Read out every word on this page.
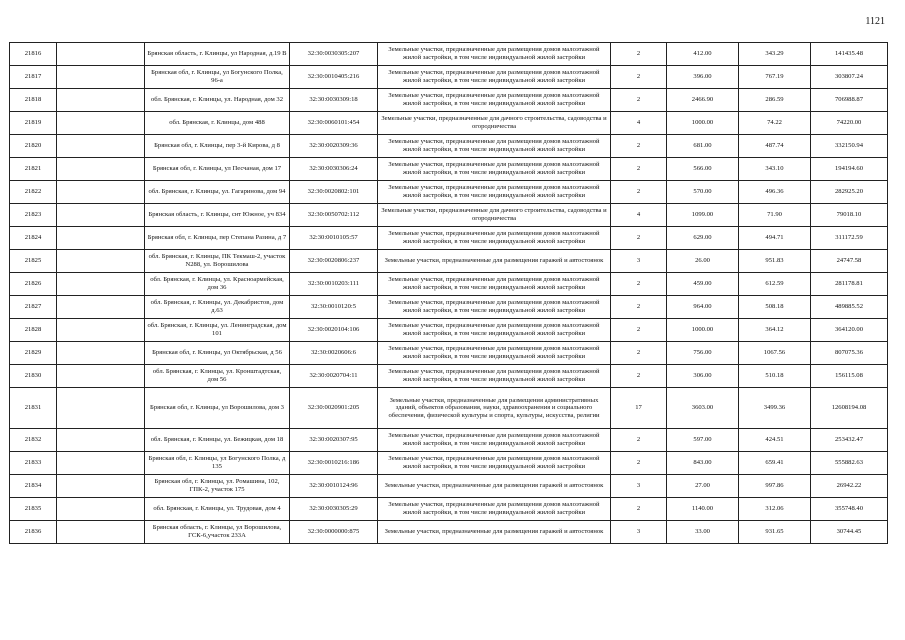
1121
21816		Брянская область, г. Клинцы, ул Народная, д.19 В	32:30:0030305:207	Земельные участки, предназначенные для размещения домов малоэтажной жилой застройки, в том числе индивидуальной жилой застройки	2	412.00	343.29	141435.48
21817		Брянская обл, г. Клинцы, ул Богунского Полка, 96-а	32:30:0010405:216	Земельные участки, предназначенные для размещения домов малоэтажной жилой застройки, в том числе индивидуальной жилой застройки	2	396.00	767.19	303807.24
21818		обл. Брянская, г. Клинцы, ул. Народная, дом 32	32:30:0030309:18	Земельные участки, предназначенные для размещения домов малоэтажной жилой застройки, в том числе индивидуальной жилой застройки	2	2466.90	286.59	706988.87
21819		обл. Брянская, г. Клинцы, дом 488	32:30:0060101:454	Земельные участки, предназначенные для дачного строительства, садоводства и огородничества	4	1000.00	74.22	74220.00
21820		Брянская обл, г. Клинцы, пер 3-й Кирова, д 8	32:30:0020309:36	Земельные участки, предназначенные для размещения домов малоэтажной жилой застройки, в том числе индивидуальной жилой застройки	2	681.00	487.74	332150.94
21821		Брянская обл, г. Клинцы, ул Песчаная, дом 17	32:30:0030306:24	Земельные участки, предназначенные для размещения домов малоэтажной жилой застройки, в том числе индивидуальной жилой застройки	2	566.00	343.10	194194.60
21822		обл. Брянская, г. Клинцы, ул. Гагаринова, дом 94	32:30:0020802:101	Земельные участки, предназначенные для размещения домов малоэтажной жилой застройки, в том числе индивидуальной жилой застройки	2	570.00	496.36	282925.20
21823		Брянская область, г. Клинцы, снт Южное, уч 834	32:30:0050702:112	Земельные участки, предназначенные для дачного строительства, садоводства и огородничества	4	1099.00	71.90	79018.10
21824		Брянская обл, г. Клинцы, пер Степана Разина, д 7	32:30:0010105:57	Земельные участки, предназначенные для размещения домов малоэтажной жилой застройки, в том числе индивидуальной жилой застройки	2	629.00	494.71	311172.59
21825		обл. Брянская, г. Клинцы, ПК Текмаш-2, участок N288, ул. Ворошилова	32:30:0020806:237	Земельные участки, предназначенные для размещения гаражей и автостоянок	3	26.00	951.83	24747.58
21826		обл. Брянская, г. Клинцы, ул. Красноармейская, дом 36	32:30:0010203:111	Земельные участки, предназначенные для размещения домов малоэтажной жилой застройки, в том числе индивидуальной жилой застройки	2	459.00	612.59	281178.81
21827		обл. Брянская, г. Клинцы, ул. Декабристов, дом д.63	32:30:0010120:5	Земельные участки, предназначенные для размещения домов малоэтажной жилой застройки, в том числе индивидуальной жилой застройки	2	964.00	508.18	489885.52
21828		обл. Брянская, г. Клинцы, ул. Ленинградская, дом 101	32:30:0020104:106	Земельные участки, предназначенные для размещения домов малоэтажной жилой застройки, в том числе индивидуальной жилой застройки	2	1000.00	364.12	364120.00
21829		Брянская обл, г. Клинцы, ул Октябрьская, д 56	32:30:0020606:6	Земельные участки, предназначенные для размещения домов малоэтажной жилой застройки, в том числе индивидуальной жилой застройки	2	756.00	1067.56	807075.36
21830		обл. Брянская, г. Клинцы, ул. Кронштадтская, дом 56	32:30:0020704:11	Земельные участки, предназначенные для размещения домов малоэтажной жилой застройки, в том числе индивидуальной жилой застройки	2	306.00	510.18	156115.08
21831		Брянская обл, г. Клинцы, ул Ворошилова, дом 3	32:30:0020901:205	Земельные участки, предназначенные для размещения административных зданий, объектов образования, науки, здравоохранения и социального обеспечения, физической культуры и спорта, культуры, искусства, религии	17	3603.00	3499.36	12608194.08
21832		обл. Брянская, г. Клинцы, ул. Бежицкая, дом 18	32:30:0020307:95	Земельные участки, предназначенные для размещения домов малоэтажной жилой застройки, в том числе индивидуальной жилой застройки	2	597.00	424.51	253432.47
21833		Брянская обл, г. Клинцы, ул Богунского Полка, д 135	32:30:0010216:186	Земельные участки, предназначенные для размещения домов малоэтажной жилой застройки, в том числе индивидуальной жилой застройки	2	843.00	659.41	555882.63
21834		Брянская обл, г. Клинцы, ул. Ромашина, 102, ГПК-2, участок 175	32:30:0010124:96	Земельные участки, предназначенные для размещения гаражей и автостоянок	3	27.00	997.86	26942.22
21835		обл. Брянская, г. Клинцы, ул. Трудовая, дом 4	32:30:0030305:29	Земельные участки, предназначенные для размещения домов малоэтажной жилой застройки, в том числе индивидуальной жилой застройки	2	1140.00	312.06	355748.40
21836		Брянская область, г. Клинцы, ул Ворошилова, ГСК-6,участок 233А	32:30:0000000:875	Земельные участки, предназначенные для размещения гаражей и автостоянок	3	33.00	931.65	30744.45
